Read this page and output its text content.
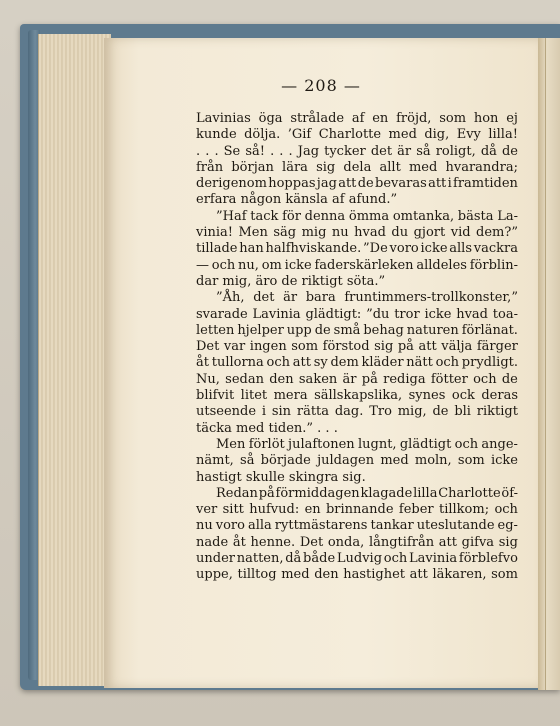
— 208 —
Lavinias öga strålade af en fröjd, som hon ej
kunde dölja. ’Gif Charlotte med dig, Evy lilla!
. . . Se så! . . . Jag tycker det är så roligt, då de
från början lära sig dela allt med hvarandra;
derigenom hoppas jag att de bevaras att i framtiden
erfara någon känsla af afund.”
”Haf tack för denna ömma omtanka, bästa La-
vinia! Men säg mig nu hvad du gjort vid dem?”
tillade han halfhviskande. ”De voro icke alls vackra
— och nu, om icke faderskärleken alldeles förblin-
dar mig, äro de riktigt söta.”
”Åh, det är bara fruntimmers-trollkonster,”
svarade Lavinia glädtigt: ”du tror icke hvad toa-
letten hjelper upp de små behag naturen förlänat.
Det var ingen som förstod sig på att välja färger
åt tullorna och att sy dem kläder nätt och prydligt.
Nu, sedan den saken är på rediga fötter och de
blifvit litet mera sällskapslika, synes ock deras
utseende i sin rätta dag. Tro mig, de bli riktigt
täcka med tiden.” . . .
Men förlöt julaftonen lugnt, glädtigt och ange-
nämt, så började juldagen med moln, som icke
hastigt skulle skingra sig.
Redan på förmiddagen klagade lilla Charlotte öf-
ver sitt hufvud: en brinnande feber tillkom; och
nu voro alla ryttmästarens tankar uteslutande eg-
nade åt henne. Det onda, långtifrån att gifva sig
under natten, då både Ludvig och Lavinia förblefvo
uppe, tilltog med den hastighet att läkaren, som
